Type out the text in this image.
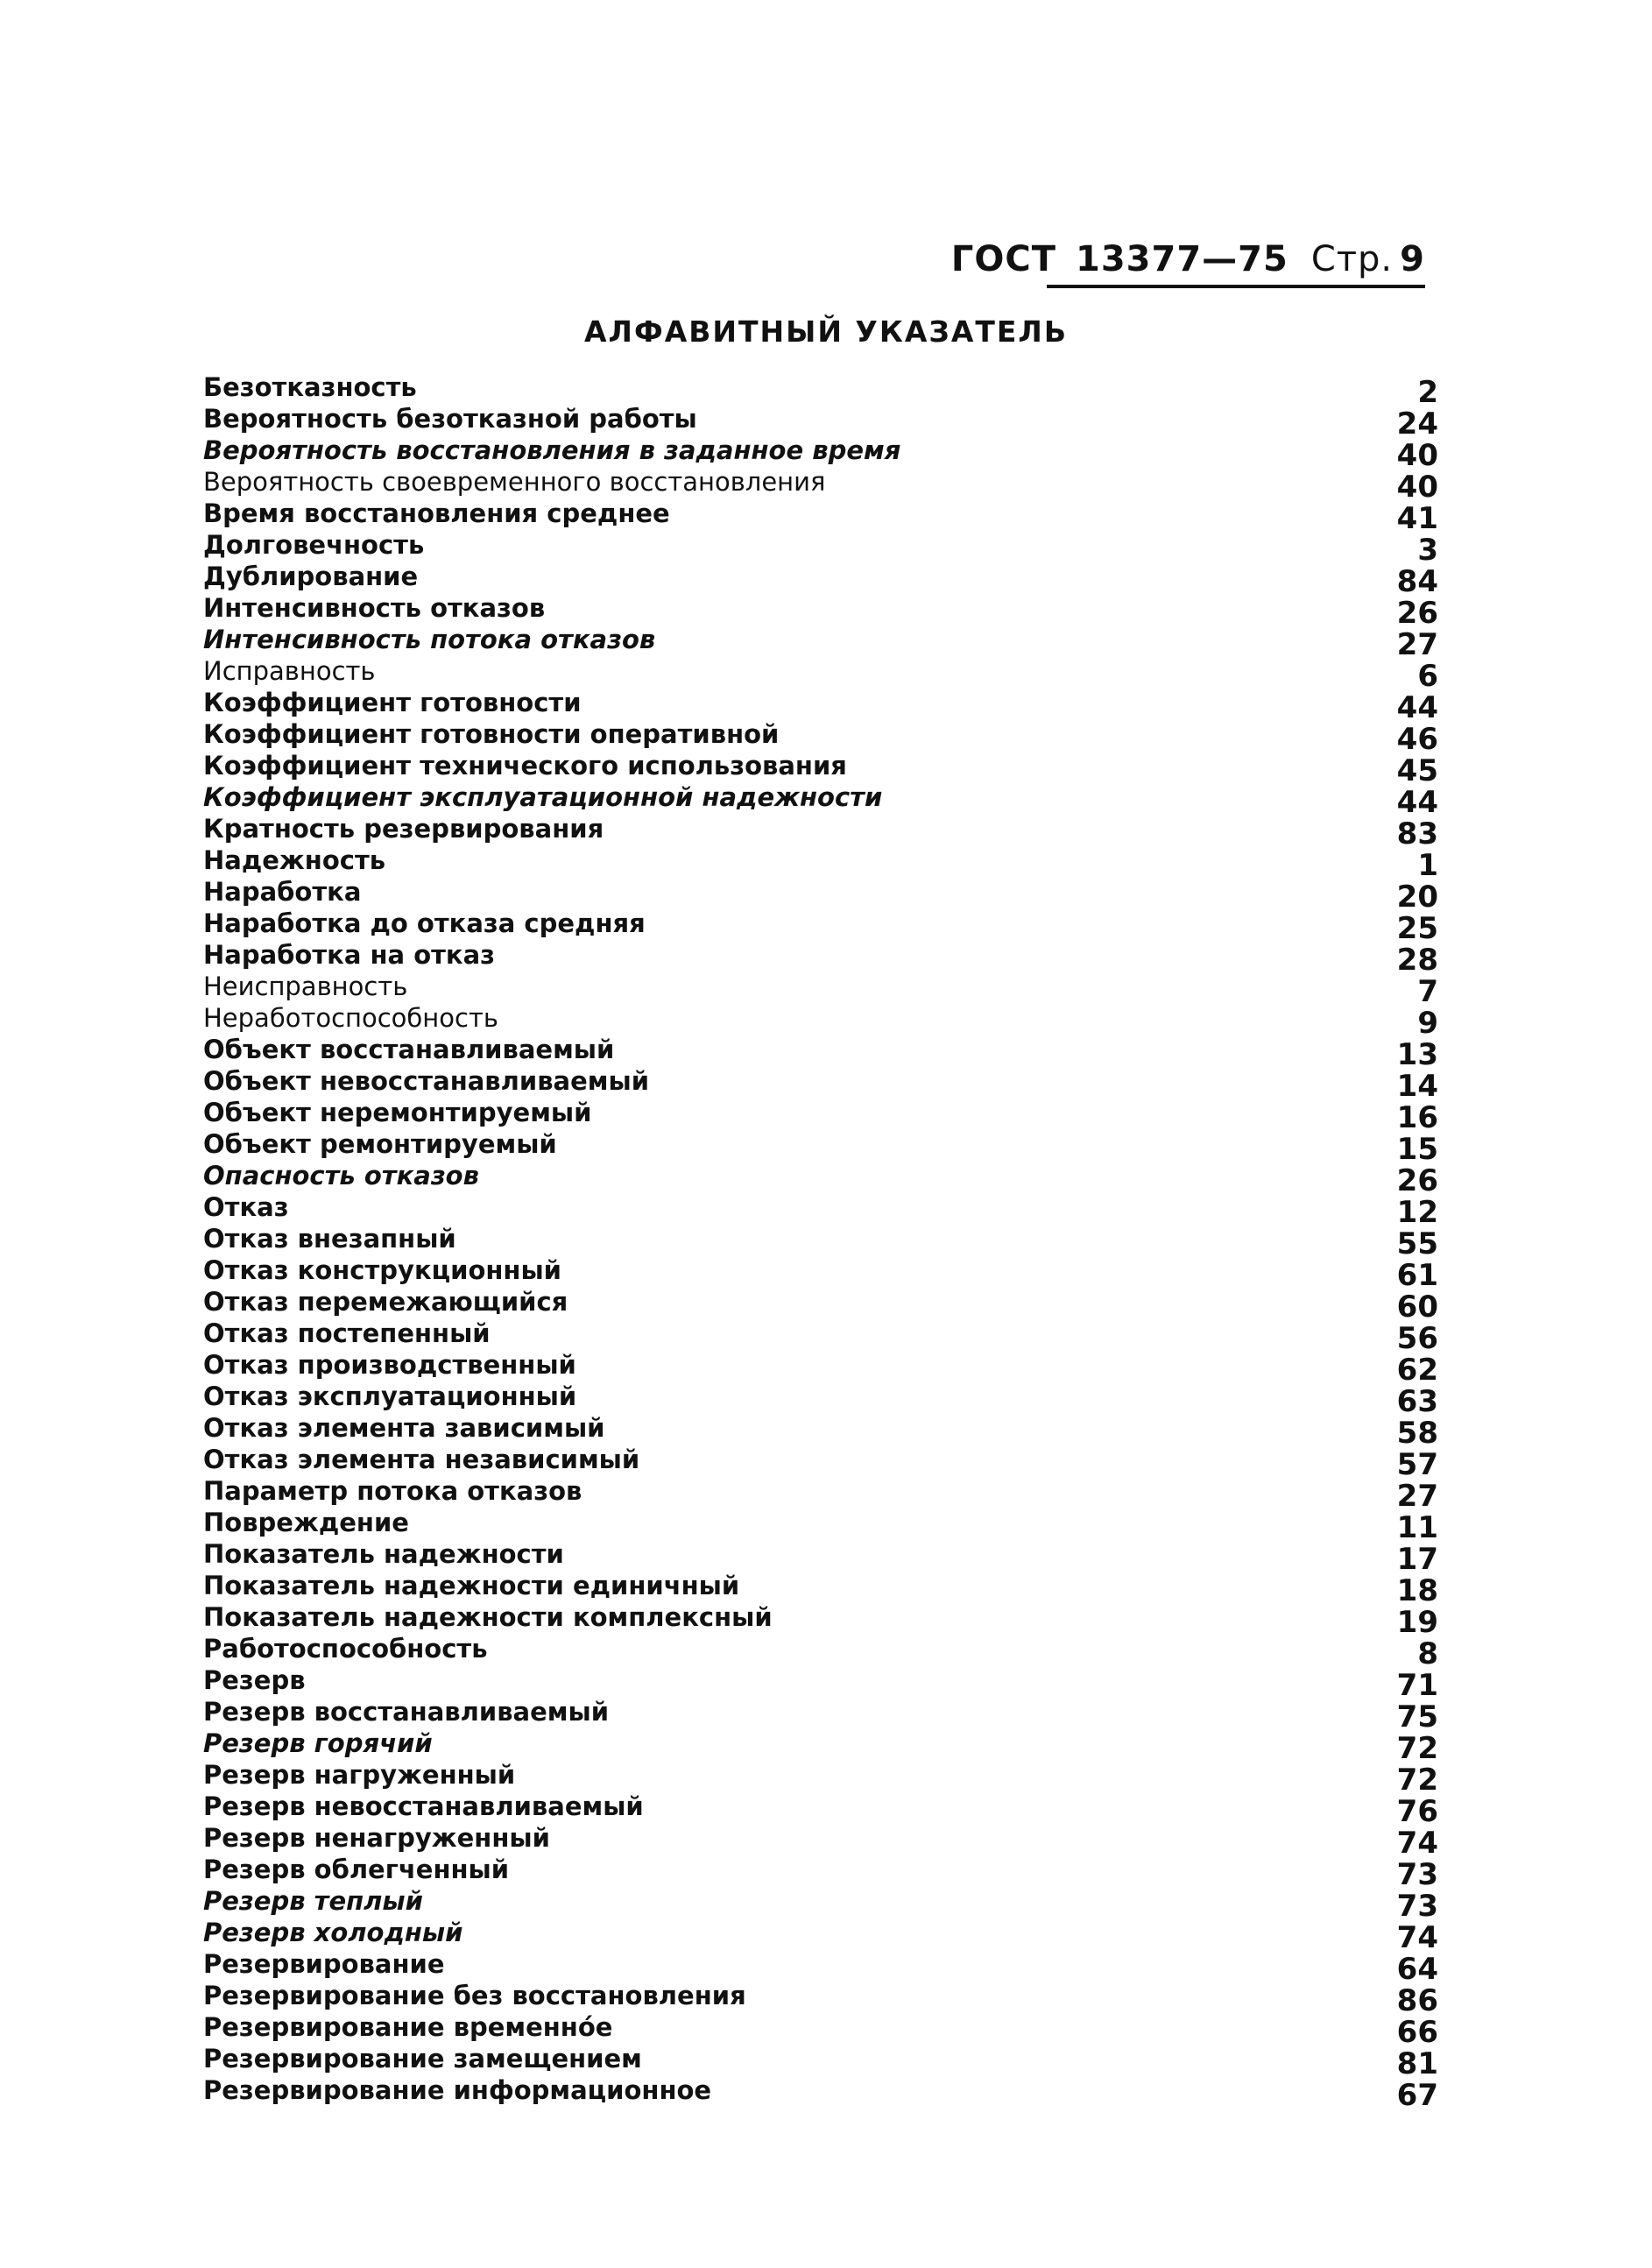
ГОСТ 13377—75 Стр. 9
АЛФАВИТНЫЙ УКАЗАТЕЛЬ
Безотказность	2
Вероятность безотказной работы	24
Вероятность восстановления в заданное время	40
Вероятность своевременного восстановления	40
Время восстановления среднее	41
Долговечность	3
Дублирование	84
Интенсивность отказов	26
Интенсивность потока отказов	27
Исправность	6
Коэффициент готовности	44
Коэффициент готовности оперативной	46
Коэффициент технического использования	45
Коэффициент эксплуатационной надежности	44
Кратность резервирования	83
Надежность	1
Наработка	20
Наработка до отказа средняя	25
Наработка на отказ	28
Неисправность	7
Неработоспособность	9
Объект восстанавливаемый	13
Объект невосстанавливаемый	14
Объект неремонтируемый	16
Объект ремонтируемый	15
Опасность отказов	26
Отказ	12
Отказ внезапный	55
Отказ конструкционный	61
Отказ перемежающийся	60
Отказ постепенный	56
Отказ производственный	62
Отказ эксплуатационный	63
Отказ элемента зависимый	58
Отказ элемента независимый	57
Параметр потока отказов	27
Повреждение	11
Показатель надежности	17
Показатель надежности единичный	18
Показатель надежности комплексный	19
Работоспособность	8
Резерв	71
Резерв восстанавливаемый	75
Резерв горячий	72
Резерв нагруженный	72
Резерв невосстанавливаемый	76
Резерв ненагруженный	74
Резерв облегченный	73
Резерв теплый	73
Резерв холодный	74
Резервирование	64
Резервирование без восстановления	86
Резервирование временнóе	66
Резервирование замещением	81
Резервирование информационное	67
